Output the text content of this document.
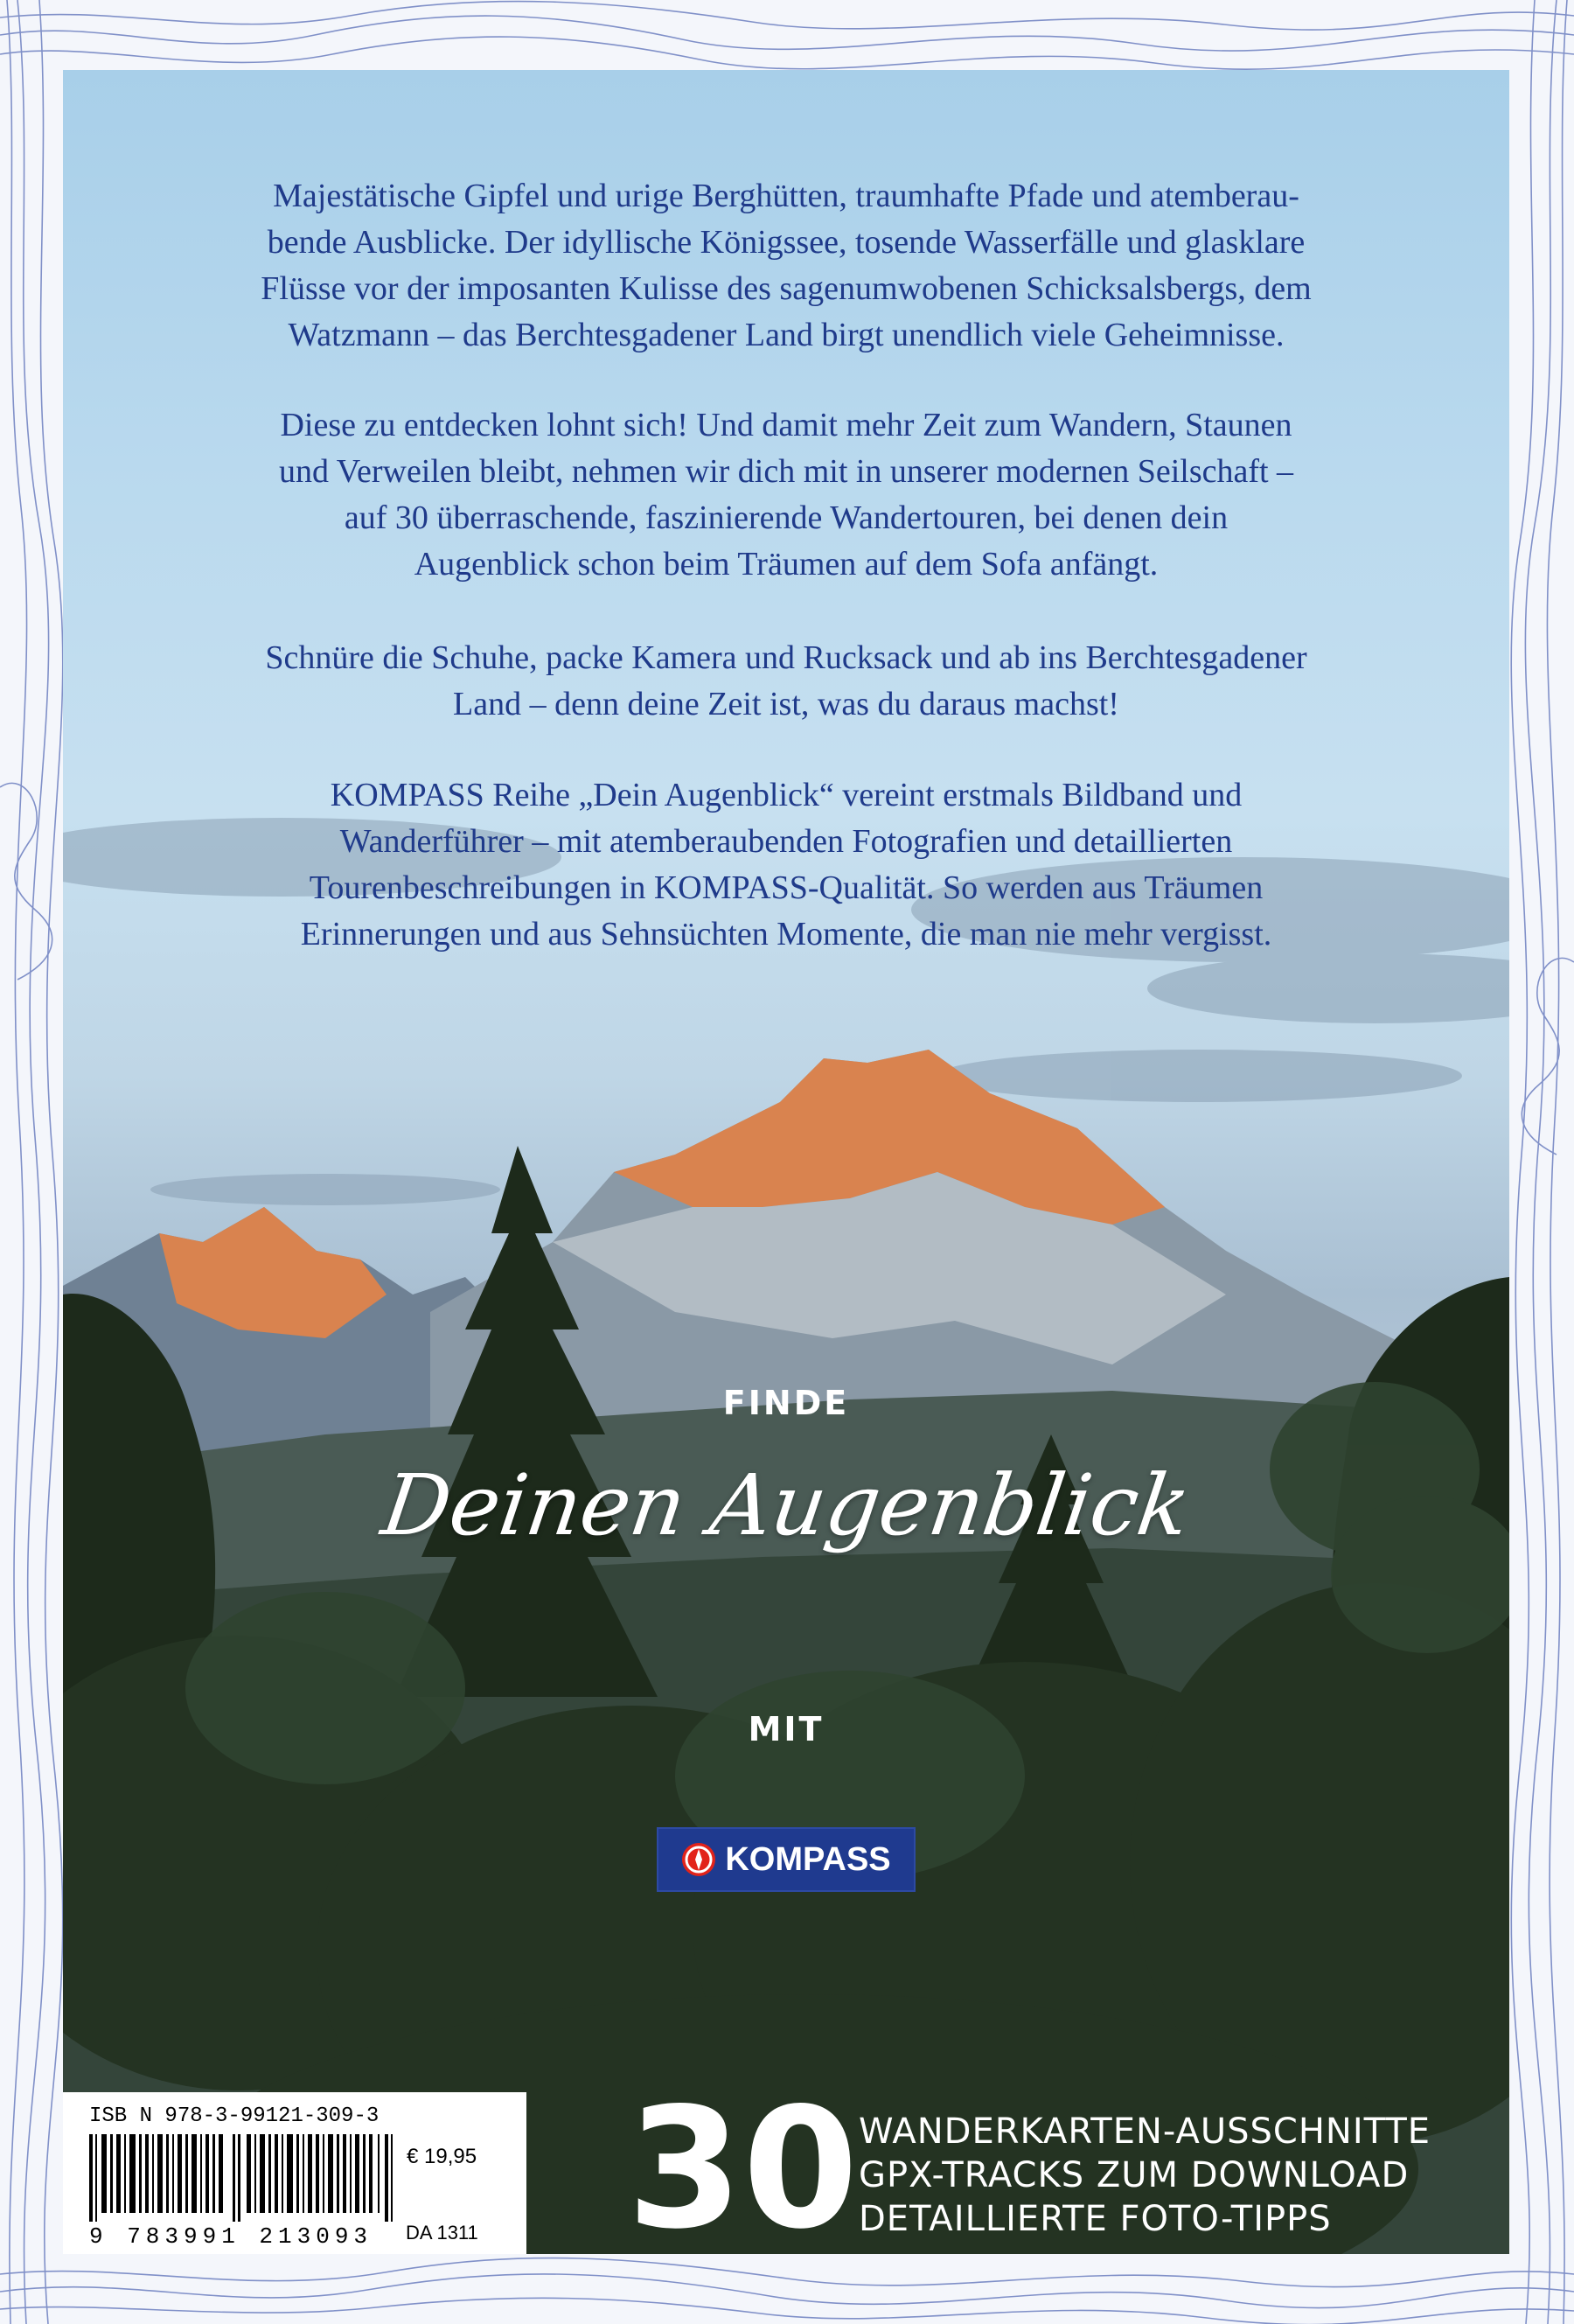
Majestätische Gipfel und urige Berghütten, traumhafte Pfade und atemberau-
bende Ausblicke. Der idyllische Königssee, tosende Wasserfälle und glasklare
Flüsse vor der imposanten Kulisse des sagenumwobenen Schicksalsbergs, dem
Watzmann – das Berchtesgadener Land birgt unendlich viele Geheimnisse.
Diese zu entdecken lohnt sich! Und damit mehr Zeit zum Wandern, Staunen
und Verweilen bleibt, nehmen wir dich mit in unserer modernen Seilschaft –
auf 30 überraschende, faszinierende Wandertouren, bei denen dein
Augenblick schon beim Träumen auf dem Sofa anfängt.
Schnüre die Schuhe, packe Kamera und Rucksack und ab ins Berchtesgadener
Land – denn deine Zeit ist, was du daraus machst!
KOMPASS Reihe „Dein Augenblick“ vereint erstmals Bildband und
Wanderführer – mit atemberaubenden Fotografien und detaillierten
Tourenbeschreibungen in KOMPASS-Qualität. So werden aus Träumen
Erinnerungen und aus Sehnsüchten Momente, die man nie mehr vergisst.
FINDE
Deinen Augenblick
MIT
KOMPASS
ISB N 978-3-99121-309-3
€ 19,95
9 783991 213093 DA 1311 30 WANDERKARTEN-AUSSCHNITTE
GPX-TRACKS ZUM DOWNLOAD
DETAILLIERTE FOTO-TIPPS
